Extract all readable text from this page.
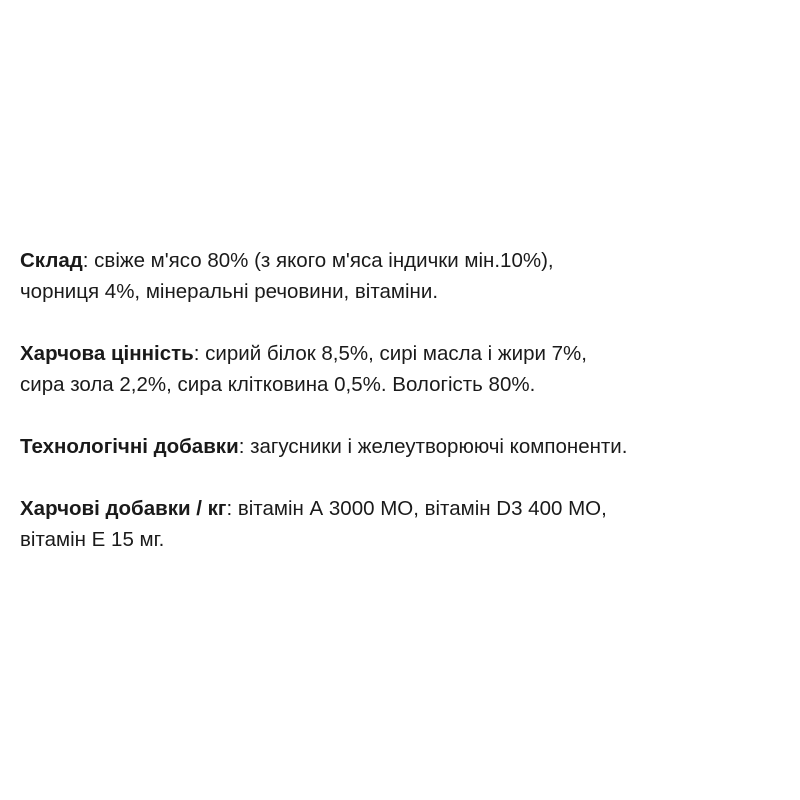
Склад: свіже м'ясо 80% (з якого м'яса індички мін.10%),
чорниця 4%, мінеральні речовини, вітаміни.

Харчова цінність: сирий білок 8,5%, сирі масла і жири 7%,
сира зола 2,2%, сира клітковина 0,5%. Вологість 80%.

Технологічні добавки: загусники і желеутворюючі компоненти.

Харчові добавки / кг: вітамін А 3000 МО, вітамін D3 400 МО,
вітамін Е 15 мг.
